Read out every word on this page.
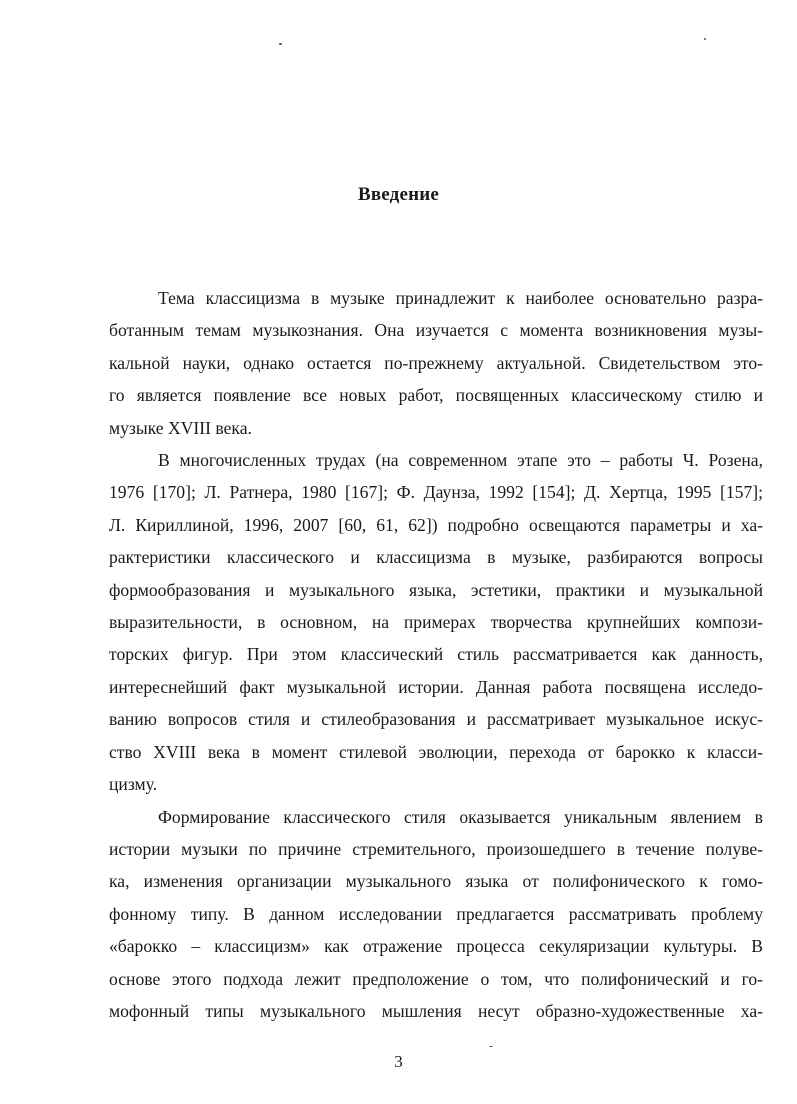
Введение

Тема классицизма в музыке принадлежит к наиболее основательно разра-
ботанным темам музыкознания. Она изучается с момента возникновения музы-
кальной науки, однако остается по-прежнему актуальной. Свидетельством это-
го является появление все новых работ, посвященных классическому стилю и
музыке XVIII века.

В многочисленных трудах (на современном этапе это – работы Ч. Розена,
1976 [170]; Л. Ратнера, 1980 [167]; Ф. Даунза, 1992 [154]; Д. Хертца, 1995 [157];
Л. Кириллиной, 1996, 2007 [60, 61, 62]) подробно освещаются параметры и ха-
рактеристики классического и классицизма в музыке, разбираются вопросы
формообразования и музыкального языка, эстетики, практики и музыкальной
выразительности, в основном, на примерах творчества крупнейших компози-
торских фигур. При этом классический стиль рассматривается как данность,
интереснейший факт музыкальной истории. Данная работа посвящена исследо-
ванию вопросов стиля и стилеобразования и рассматривает музыкальное искус-
ство XVIII века в момент стилевой эволюции, перехода от барокко к класси-
цизму.

Формирование классического стиля оказывается уникальным явлением в
истории музыки по причине стремительного, произошедшего в течение полуве-
ка, изменения организации музыкального языка от полифонического к гомо-
фонному типу. В данном исследовании предлагается рассматривать проблему
«барокко – классицизм» как отражение процесса секуляризации культуры. В
основе этого подхода лежит предположение о том, что полифонический и го-
мофонный типы музыкального мышления несут образно-художественные ха-

3
